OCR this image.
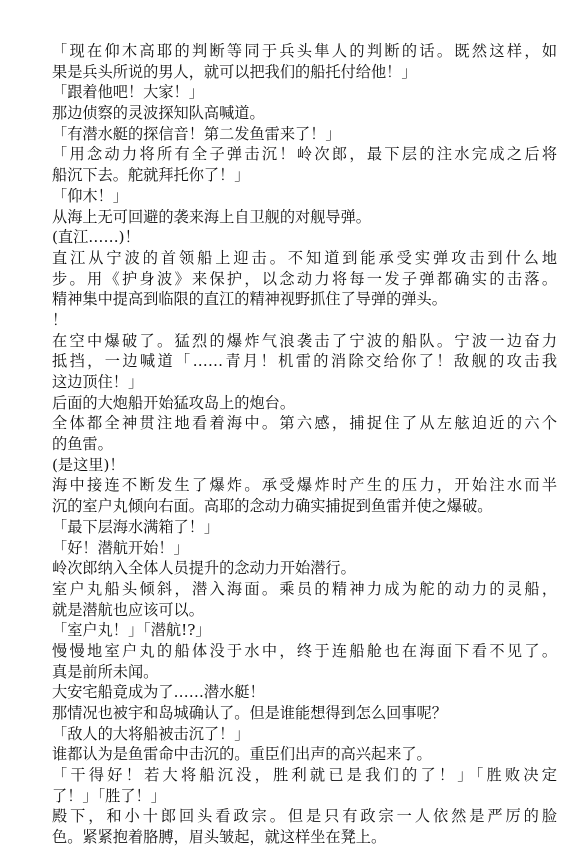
「现在仰木高耶的判断等同于兵头隼人的判断的话。既然这样，如
果是兵头所说的男人，就可以把我们的船托付给他！」
「跟着他吧！大家！」
那边侦察的灵波探知队高喊道。
「有潜水艇的探信音！第二发鱼雷来了！」
「用念动力将所有全子弹击沉！岭次郎，最下层的注水完成之后将
船沉下去。舵就拜托你了！」
「仰木！」
从海上无可回避的袭来海上自卫舰的对舰导弹。
(直江……)！
直江从宁波的首领船上迎击。不知道到能承受实弹攻击到什么地
步。用《护身波》来保护，以念动力将每一发子弹都确实的击落。
精神集中提高到临限的直江的精神视野抓住了导弹的弹头。
！
在空中爆破了。猛烈的爆炸气浪袭击了宁波的船队。宁波一边奋力
抵挡，一边喊道「……青月！机雷的消除交给你了！敌舰的攻击我
这边顶住！」
后面的大炮船开始猛攻岛上的炮台。
全体都全神贯注地看着海中。第六感，捕捉住了从左舷迫近的六个
的鱼雷。
(是这里)！
海中接连不断发生了爆炸。承受爆炸时产生的压力，开始注水而半
沉的室户丸倾向右面。高耶的念动力确实捕捉到鱼雷并使之爆破。
「最下层海水满箱了！」
「好！潜航开始！」
岭次郎纳入全体人员提升的念动力开始潜行。
室户丸船头倾斜，潜入海面。乘员的精神力成为舵的动力的灵船，
就是潜航也应该可以。
「室户丸！」「潜航!?」
慢慢地室户丸的船体没于水中，终于连船舱也在海面下看不见了。
真是前所未闻。
大安宅船竟成为了……潜水艇！
那情况也被宇和岛城确认了。但是谁能想得到怎么回事呢？
「敌人的大将船被击沉了！」
谁都认为是鱼雷命中击沉的。重臣们出声的高兴起来了。
「干得好！若大将船沉没，胜利就已是我们的了！」「胜败决定
了！」「胜了！」
殿下，和小十郎回头看政宗。但是只有政宗一人依然是严厉的脸
色。紧紧抱着胳膊，眉头皱起，就这样坐在凳上。
